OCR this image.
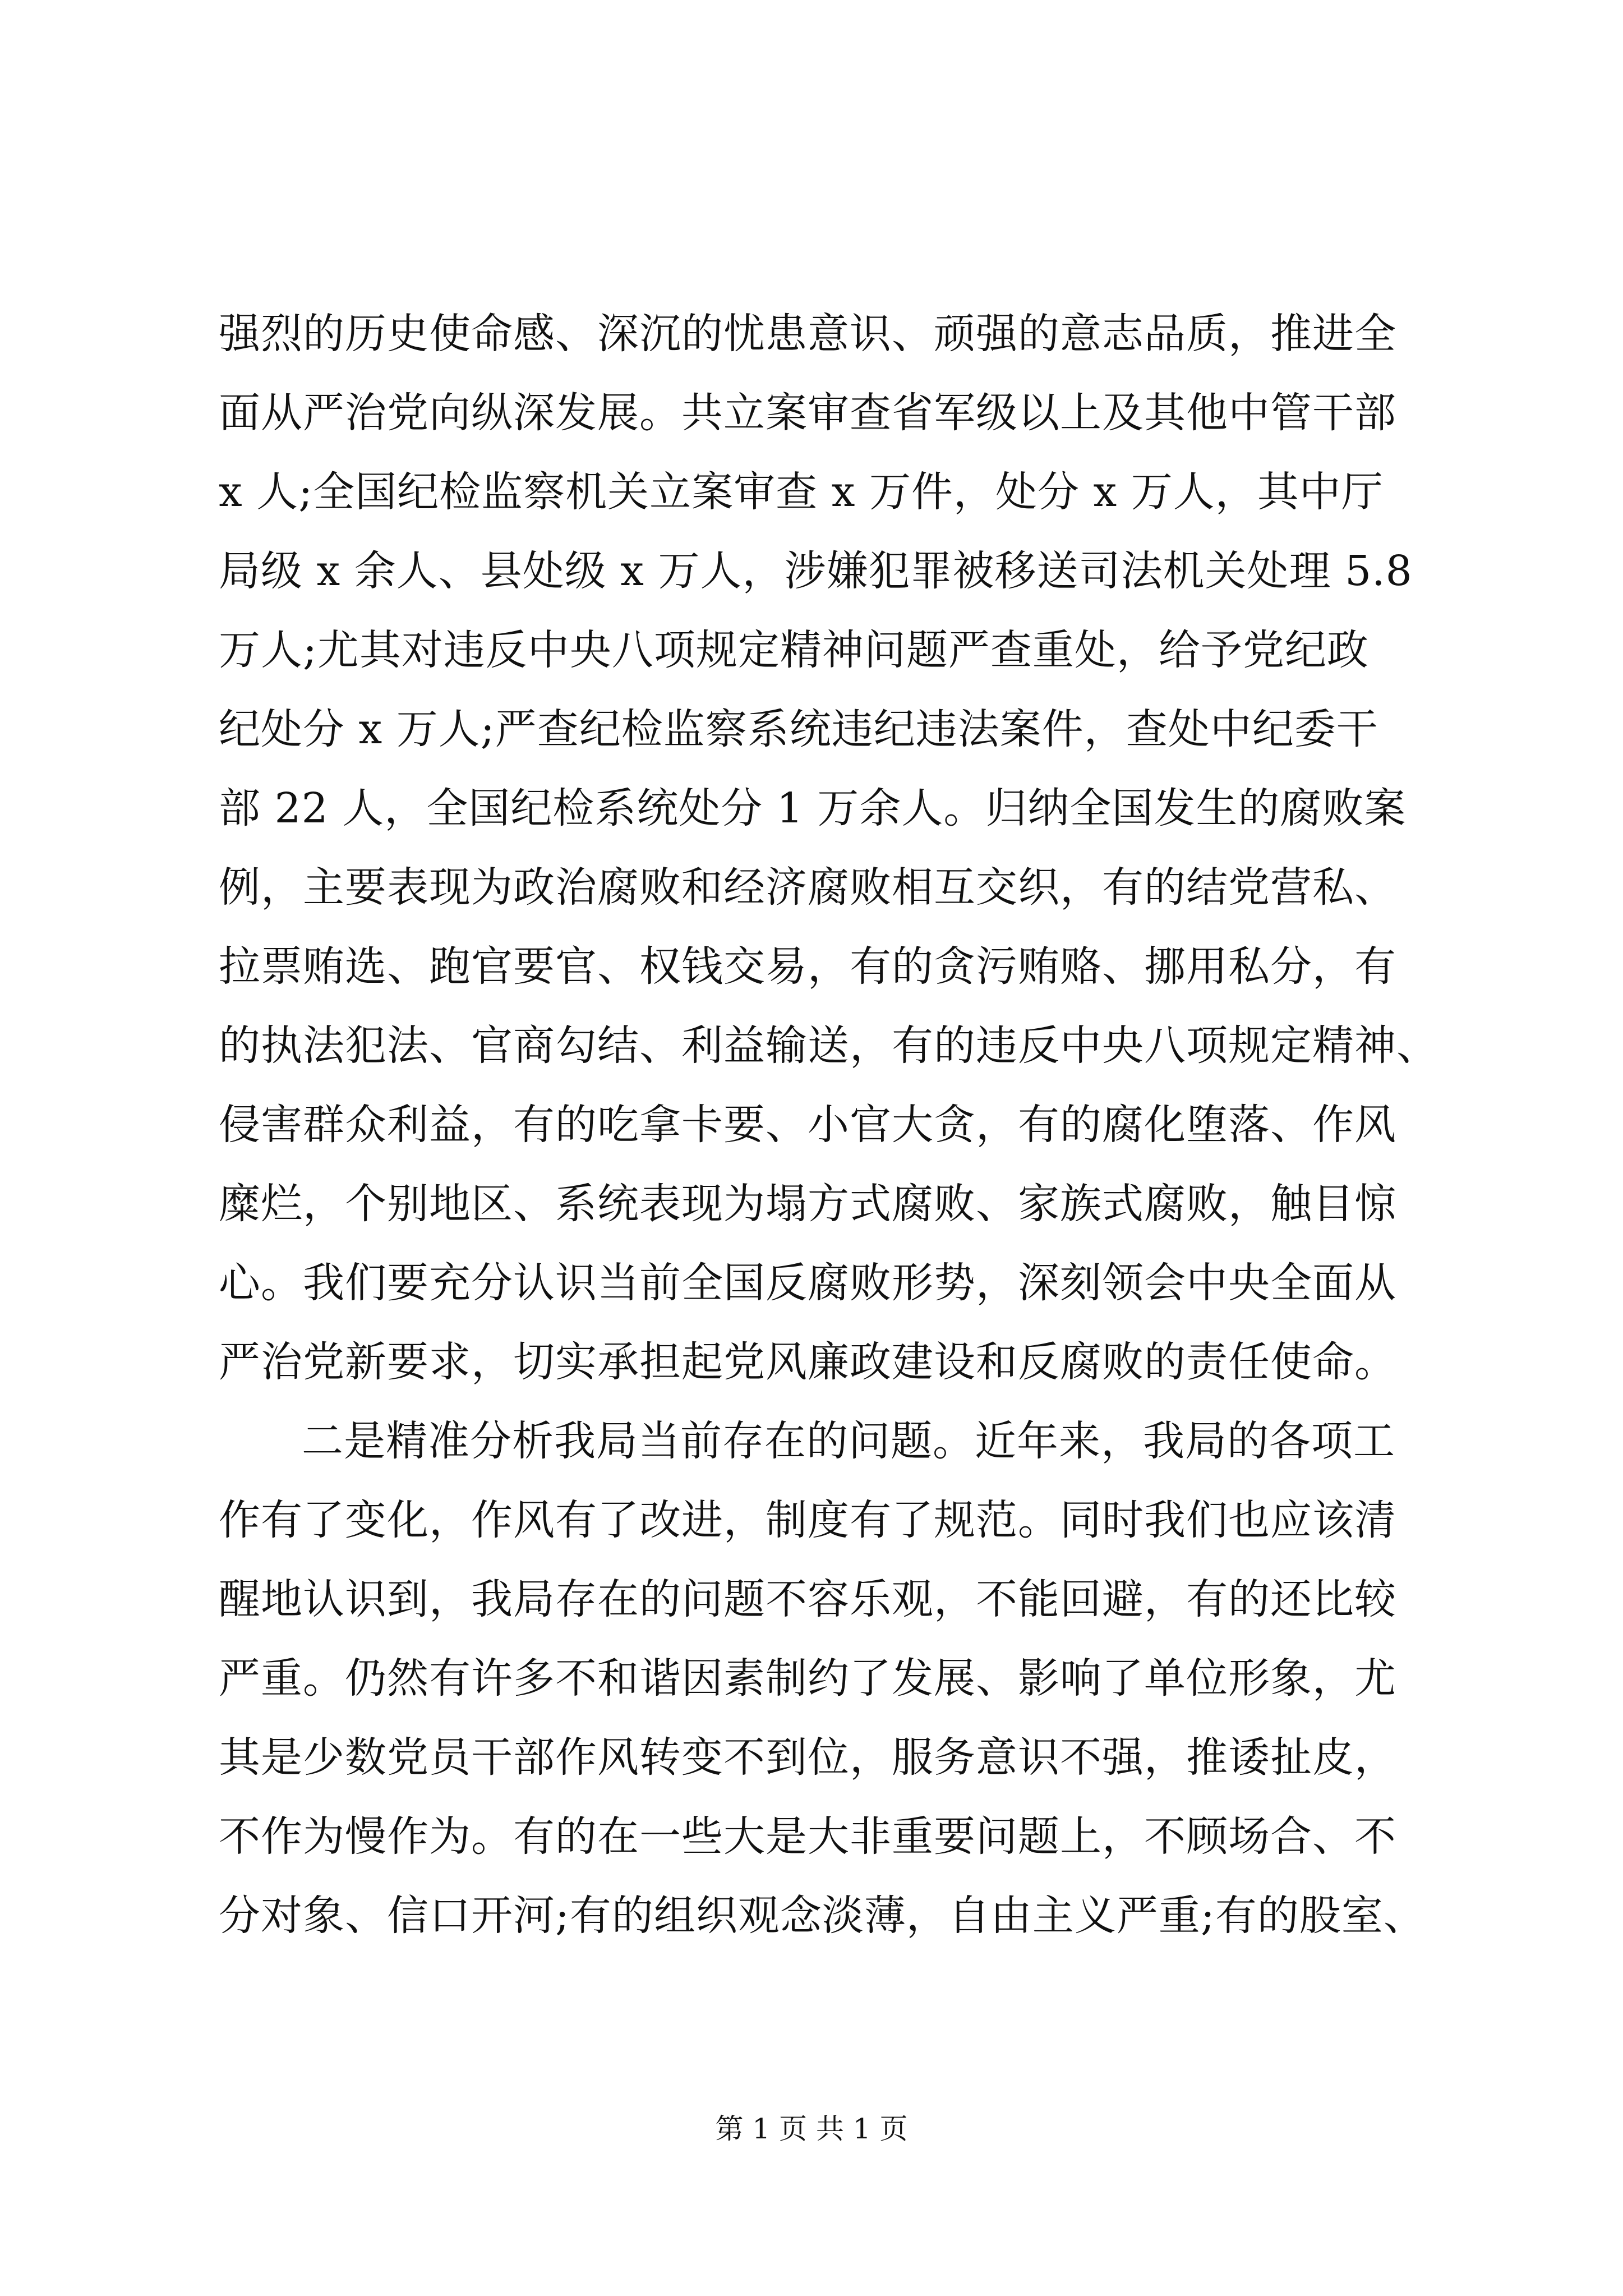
强烈的历史使命感、深沉的忧患意识、顽强的意志品质，推进全
面从严治党向纵深发展。共立案审查省军级以上及其他中管干部
x 人;全国纪检监察机关立案审查 x 万件，处分 x 万人，其中厅
局级 x 余人、县处级 x 万人，涉嫌犯罪被移送司法机关处理 5.8
万人;尤其对违反中央八项规定精神问题严查重处，给予党纪政
纪处分 x 万人;严查纪检监察系统违纪违法案件，查处中纪委干
部 22 人，全国纪检系统处分 1 万余人。归纳全国发生的腐败案
例，主要表现为政治腐败和经济腐败相互交织，有的结党营私、
拉票贿选、跑官要官、权钱交易，有的贪污贿赂、挪用私分，有
的执法犯法、官商勾结、利益输送，有的违反中央八项规定精神、
侵害群众利益，有的吃拿卡要、小官大贪，有的腐化堕落、作风
糜烂，个别地区、系统表现为塌方式腐败、家族式腐败，触目惊
心。我们要充分认识当前全国反腐败形势，深刻领会中央全面从
严治党新要求，切实承担起党风廉政建设和反腐败的责任使命。
二是精准分析我局当前存在的问题。近年来，我局的各项工
作有了变化，作风有了改进，制度有了规范。同时我们也应该清
醒地认识到，我局存在的问题不容乐观，不能回避，有的还比较
严重。仍然有许多不和谐因素制约了发展、影响了单位形象，尤
其是少数党员干部作风转变不到位，服务意识不强，推诿扯皮，
不作为慢作为。有的在一些大是大非重要问题上，不顾场合、不
分对象、信口开河;有的组织观念淡薄，自由主义严重;有的股室、
第 1 页 共 1 页
